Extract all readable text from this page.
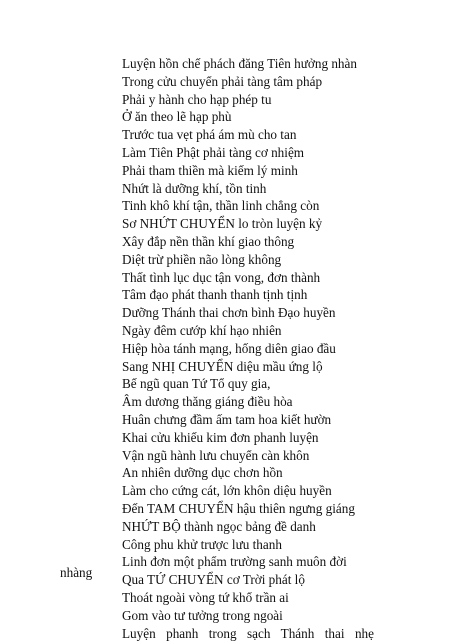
Luyện hồn chế phách đăng Tiên hưởng nhàn
Trong cửu chuyển phải tàng tâm pháp
Phải y hành cho hạp phép tu
Ở ăn theo lẽ hạp phù
Trước tua vẹt phá ám mù cho tan
Làm Tiên Phật phải tàng cơ nhiệm
Phải tham thiền mà kiếm lý minh
Nhứt là dưỡng khí, tồn tinh
Tinh khô khí tận, thần linh chẳng còn
Sơ NHỨT CHUYỂN lo tròn luyện kỷ
Xây đắp nền thần khí giao thông
Diệt trừ phiền não lòng không
Thất tình lục dục tận vong, đơn thành
Tâm đạo phát thanh thanh tịnh tịnh
Dưỡng Thánh thai chơn bình Đạo huyền
Ngày đêm cướp khí hạo nhiên
Hiệp hòa tánh mạng, hống diên giao đầu
Sang NHỊ CHUYỂN diệu mầu ứng lộ
Bế ngũ quan Tứ Tổ quy gia,
Âm dương thăng giáng điều hòa
Huân chưng đầm ấm tam hoa kiết hườn
Khai cửu khiếu kim đơn phanh luyện
Vận ngũ hành lưu chuyển càn khôn
An nhiên dưỡng dục chơn hồn
Làm cho cứng cát, lớn khôn diệu huyền
Đến TAM CHUYỂN hậu thiên ngưng giáng
NHỨT BỘ thành ngọc bảng đề danh
Công phu khử trược lưu thanh
Linh đơn một phẩm trường sanh muôn đời
Qua TỨ CHUYỂN cơ Trời phát lộ
Thoát ngoài vòng tứ khổ trần ai
Gom vào tư tưởng trong ngoài
Luyện phanh trong sạch Thánh thai nhẹ
nhàng
